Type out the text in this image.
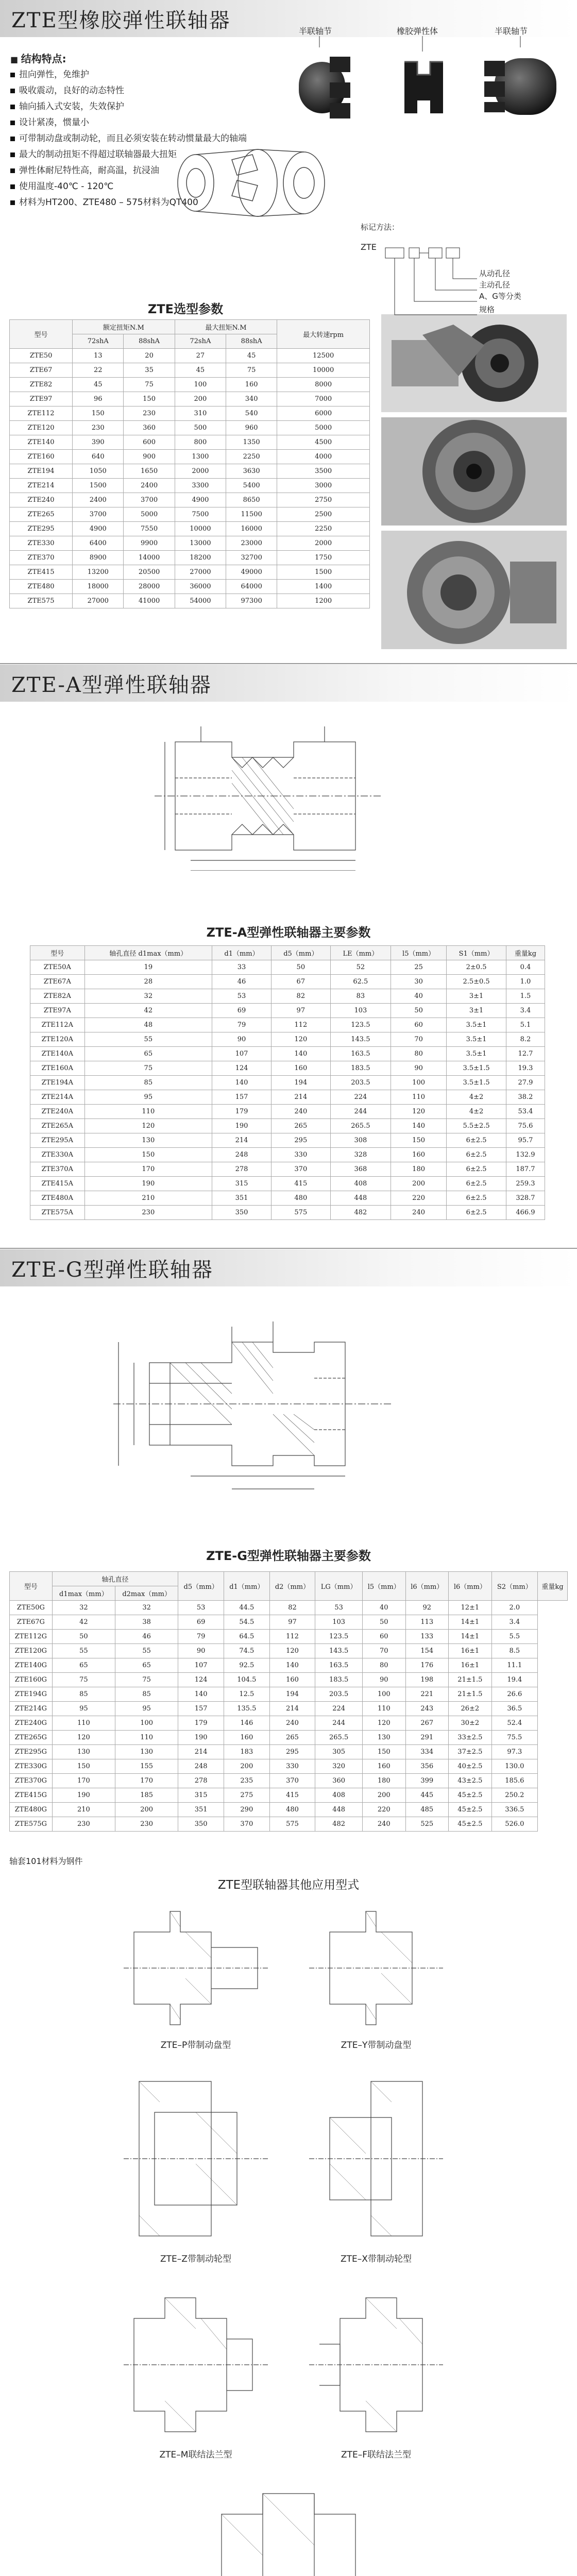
ZTE型橡胶弹性联轴器
■ 结构特点:
扭向弹性，免维护
吸收震动，良好的动态特性
轴向插入式安装，失效保护
设计紧凑，惯量小
可带制动盘或制动轮，而且必须安装在转动惯量最大的轴端
最大的制动扭矩不得超过联轴器最大扭矩
弹性体耐尼特性高，耐高温，抗浸油
使用温度-40℃ - 120℃
材料为HT200、ZTE480 – 575材料为QT400
半联轴节	橡胶弹性体	半联轴节
标记方法：
ZTE
从动孔径
主动孔径
A、G等分类
规格
ZTE选型参数
型号	额定扭矩N.M		最大扭矩N.M		最大转速rpm
	72shA	88shA	72shA	88shA	
ZTE50	13	20	27	45	12500
ZTE67	22	35	45	75	10000
ZTE82	45	75	100	160	8000
ZTE97	96	150	200	340	7000
ZTE112	150	230	310	540	6000
ZTE120	230	360	500	960	5000
ZTE140	390	600	800	1350	4500
ZTE160	640	900	1300	2250	4000
ZTE194	1050	1650	2000	3630	3500
ZTE214	1500	2400	3300	5400	3000
ZTE240	2400	3700	4900	8650	2750
ZTE265	3700	5000	7500	11500	2500
ZTE295	4900	7550	10000	16000	2250
ZTE330	6400	9900	13000	23000	2000
ZTE370	8900	14000	18200	32700	1750
ZTE415	13200	20500	27000	49000	1500
ZTE480	18000	28000	36000	64000	1400
ZTE575	27000	41000	54000	97300	1200
ZTE-A型弹性联轴器
ZTE-A型弹性联轴器主要参数
型号	轴孔直径 d1max（mm）	d1（mm）	d5（mm）	LE（mm）	l5（mm）	S1（mm）	重量kg
ZTE50A	19	33	50	52	25	2±0.5	0.4
ZTE67A	28	46	67	62.5	30	2.5±0.5	1.0
ZTE82A	32	53	82	83	40	3±1	1.5
ZTE97A	42	69	97	103	50	3±1	3.4
ZTE112A	48	79	112	123.5	60	3.5±1	5.1
ZTE120A	55	90	120	143.5	70	3.5±1	8.2
ZTE140A	65	107	140	163.5	80	3.5±1	12.7
ZTE160A	75	124	160	183.5	90	3.5±1.5	19.3
ZTE194A	85	140	194	203.5	100	3.5±1.5	27.9
ZTE214A	95	157	214	224	110	4±2	38.2
ZTE240A	110	179	240	244	120	4±2	53.4
ZTE265A	120	190	265	265.5	140	5.5±2.5	75.6
ZTE295A	130	214	295	308	150	6±2.5	95.7
ZTE330A	150	248	330	328	160	6±2.5	132.9
ZTE370A	170	278	370	368	180	6±2.5	187.7
ZTE415A	190	315	415	408	200	6±2.5	259.3
ZTE480A	210	351	480	448	220	6±2.5	328.7
ZTE575A	230	350	575	482	240	6±2.5	466.9
ZTE-G型弹性联轴器
ZTE-G型弹性联轴器主要参数
型号	轴孔直径		d5（mm）	d1（mm）	d2（mm）	LG（mm）	l5（mm）	l6（mm）	l6（mm）	S2（mm）	重量kg
	d1max（mm）	d2max（mm）									
ZTE50G	32	32	53	44.5	82	53	40	92	12±1	2.0	
ZTE67G	42	38	69	54.5	97	103	50	113	14±1	3.4	
ZTE112G	50	46	79	64.5	112	123.5	60	133	14±1	5.5	
ZTE120G	55	55	90	74.5	120	143.5	70	154	16±1	8.5	
ZTE140G	65	65	107	92.5	140	163.5	80	176	16±1	11.1	
ZTE160G	75	75	124	104.5	160	183.5	90	198	21±1.5	19.4	
ZTE194G	85	85	140	12.5	194	203.5	100	221	21±1.5	26.6	
ZTE214G	95	95	157	135.5	214	224	110	243	26±2	36.5	
ZTE240G	110	100	179	146	240	244	120	267	30±2	52.4	
ZTE265G	120	110	190	160	265	265.5	130	291	33±2.5	75.5	
ZTE295G	130	130	214	183	295	305	150	334	37±2.5	97.3	
ZTE330G	150	155	248	200	330	320	160	356	40±2.5	130.0	
ZTE370G	170	170	278	235	370	360	180	399	43±2.5	185.6	
ZTE415G	190	185	315	275	415	408	200	445	45±2.5	250.2	
ZTE480G	210	200	351	290	480	448	220	485	45±2.5	336.5	
ZTE575G	230	230	350	370	575	482	240	525	45±2.5	526.0	
轴套101材料为钢件
ZTE型联轴器其他应用型式
ZTE–P带制动盘型	ZTE–Y带制动盘型
ZTE–Z带制动轮型	ZTE–X带制动轮型
ZTE–M联结法兰型	ZTE–F联结法兰型
